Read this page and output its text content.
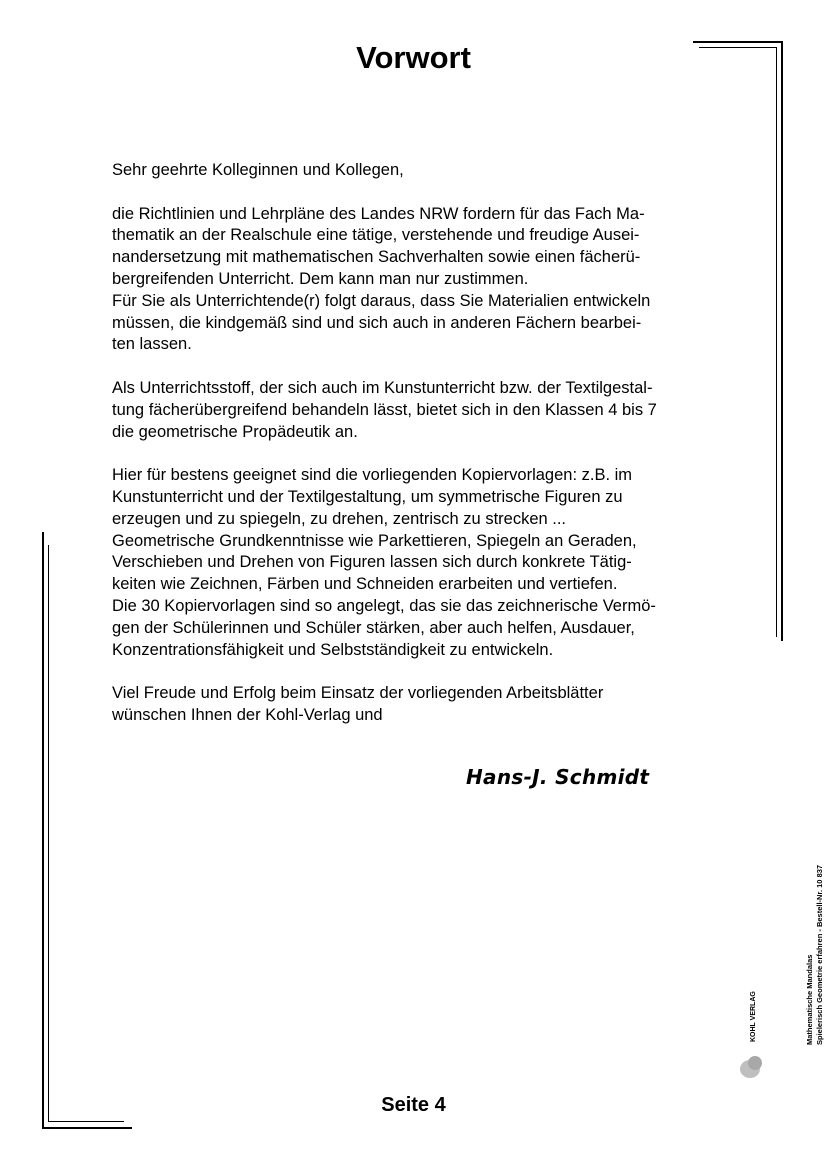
Vorwort
Sehr geehrte Kolleginnen und Kollegen,
die Richtlinien und Lehrpläne des Landes NRW fordern für das Fach Ma-
thematik an der Realschule eine tätige, verstehende und freudige Ausei-
nandersetzung mit mathematischen Sachverhalten sowie einen fächerü-
bergreifenden Unterricht. Dem kann man nur zustimmen.
Für Sie als Unterrichtende(r) folgt daraus, dass Sie Materialien entwickeln
müssen, die kindgemäß sind und sich auch in anderen Fächern bearbei-
ten lassen.
Als Unterrichtsstoff, der sich auch im Kunstunterricht bzw. der Textilgestal-
tung fächerübergreifend behandeln lässt, bietet sich in den Klassen 4 bis 7
die geometrische Propädeutik an.
Hier für bestens geeignet sind die vorliegenden Kopiervorlagen: z.B. im
Kunstunterricht und der Textilgestaltung, um symmetrische Figuren zu
erzeugen und zu spiegeln, zu drehen, zentrisch zu strecken ...
Geometrische Grundkenntnisse wie Parkettieren, Spiegeln an Geraden,
Verschieben und Drehen von Figuren lassen sich durch konkrete Tätig-
keiten wie Zeichnen, Färben und Schneiden erarbeiten und vertiefen.
Die 30 Kopiervorlagen sind so angelegt, das sie das zeichnerische Vermö-
gen der Schülerinnen und Schüler stärken, aber auch helfen, Ausdauer,
Konzentrationsfähigkeit und Selbstständigkeit zu entwickeln.
Viel Freude und Erfolg beim Einsatz der vorliegenden Arbeitsblätter
wünschen Ihnen der Kohl-Verlag und
Hans-J. Schmidt
Seite 4
Mathematische Mandalas Spielerisch Geometrie erfahren - Bestell-Nr. 10 837
KOHL VERLAG
